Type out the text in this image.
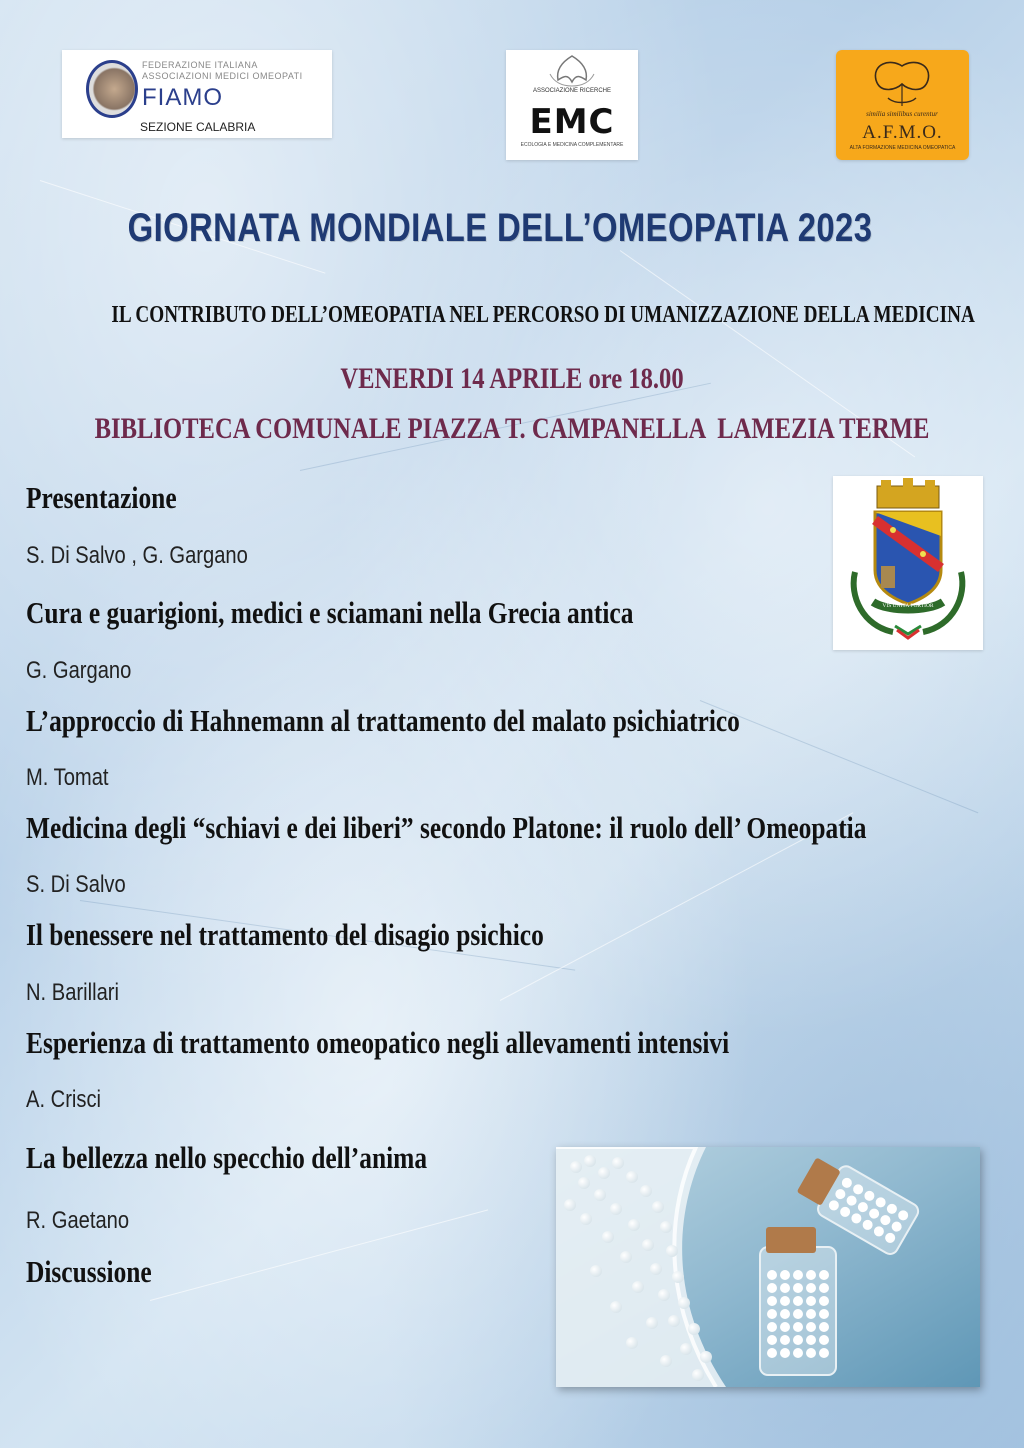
FEDERAZIONE ITALIANA ASSOCIAZIONI MEDICI OMEOPATI
FIAMO
SEZIONE CALABRIA
ASSOCIAZIONE RICERCHE
EMC
ECOLOGIA E MEDICINA COMPLEMENTARE
similia similibus curentur
A.F.M.O.
ALTA FORMAZIONE MEDICINA OMEOPATICA
GIORNATA MONDIALE DELL’OMEOPATIA 2023
IL CONTRIBUTO DELL’OMEOPATIA NEL PERCORSO DI UMANIZZAZIONE DELLA MEDICINA
VENERDI 14 APRILE ore 18.00
BIBLIOTECA COMUNALE PIAZZA T. CAMPANELLA  LAMEZIA TERME
VIS UNITA FORTIOR
Presentazione
S. Di Salvo , G. Gargano
Cura e guarigioni, medici e sciamani nella Grecia antica
G. Gargano
L’approccio di Hahnemann al trattamento del malato psichiatrico
M. Tomat
Medicina degli “schiavi e dei liberi” secondo Platone: il ruolo dell’ Omeopatia
S. Di Salvo
Il benessere nel trattamento del disagio psichico
N. Barillari
Esperienza di trattamento omeopatico negli allevamenti intensivi
A. Crisci
La bellezza nello specchio dell’anima
R. Gaetano
Discussione
